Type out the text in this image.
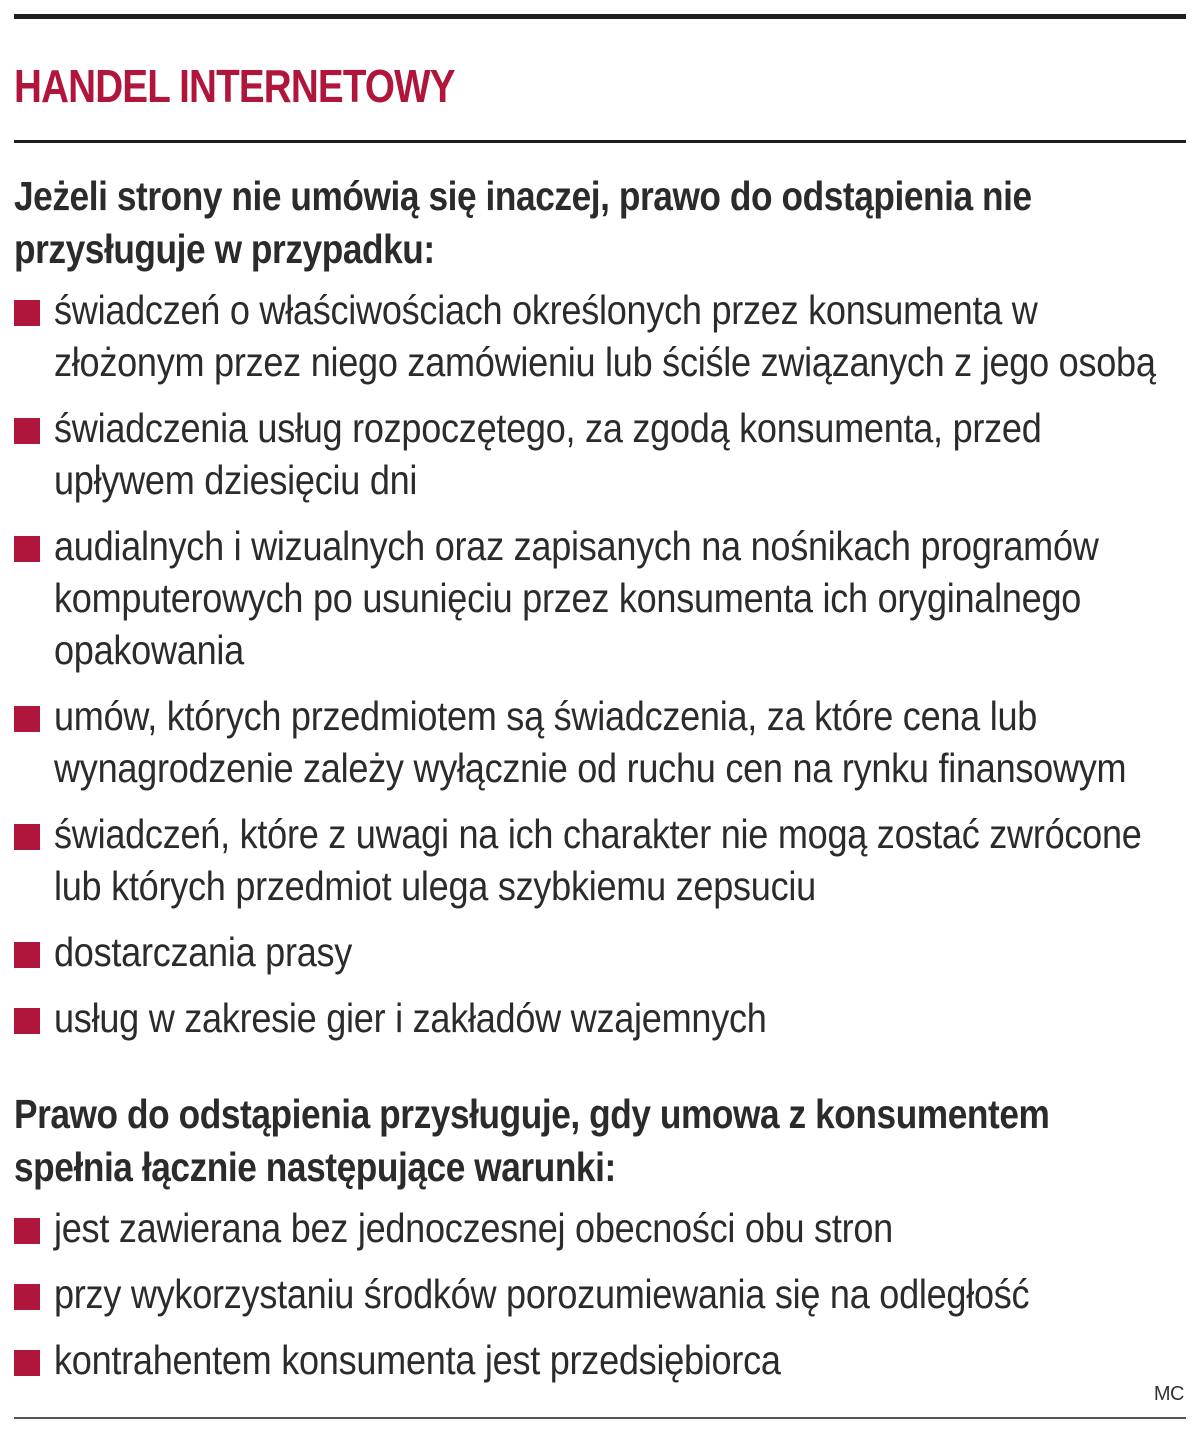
HANDEL INTERNETOWY

Jeżeli strony nie umówią się inaczej, prawo do odstąpienia nie przysługuje w przypadku:

świadczeń o właściwościach określonych przez konsumenta w złożonym przez niego zamówieniu lub ściśle związanych z jego osobą
świadczenia usług rozpoczętego, za zgodą konsumenta, przed upływem dziesięciu dni
audialnych i wizualnych oraz zapisanych na nośnikach programów komputerowych po usunięciu przez konsumenta ich oryginalnego opakowania
umów, których przedmiotem są świadczenia, za które cena lub wynagrodzenie zależy wyłącznie od ruchu cen na rynku finansowym
świadczeń, które z uwagi na ich charakter nie mogą zostać zwrócone lub których przedmiot ulega szybkiemu zepsuciu
dostarczania prasy
usług w zakresie gier i zakładów wzajemnych

Prawo do odstąpienia przysługuje, gdy umowa z konsumentem spełnia łącznie następujące warunki:

jest zawierana bez jednoczesnej obecności obu stron
przy wykorzystaniu środków porozumiewania się na odległość
kontrahentem konsumenta jest przedsiębiorca
MC
